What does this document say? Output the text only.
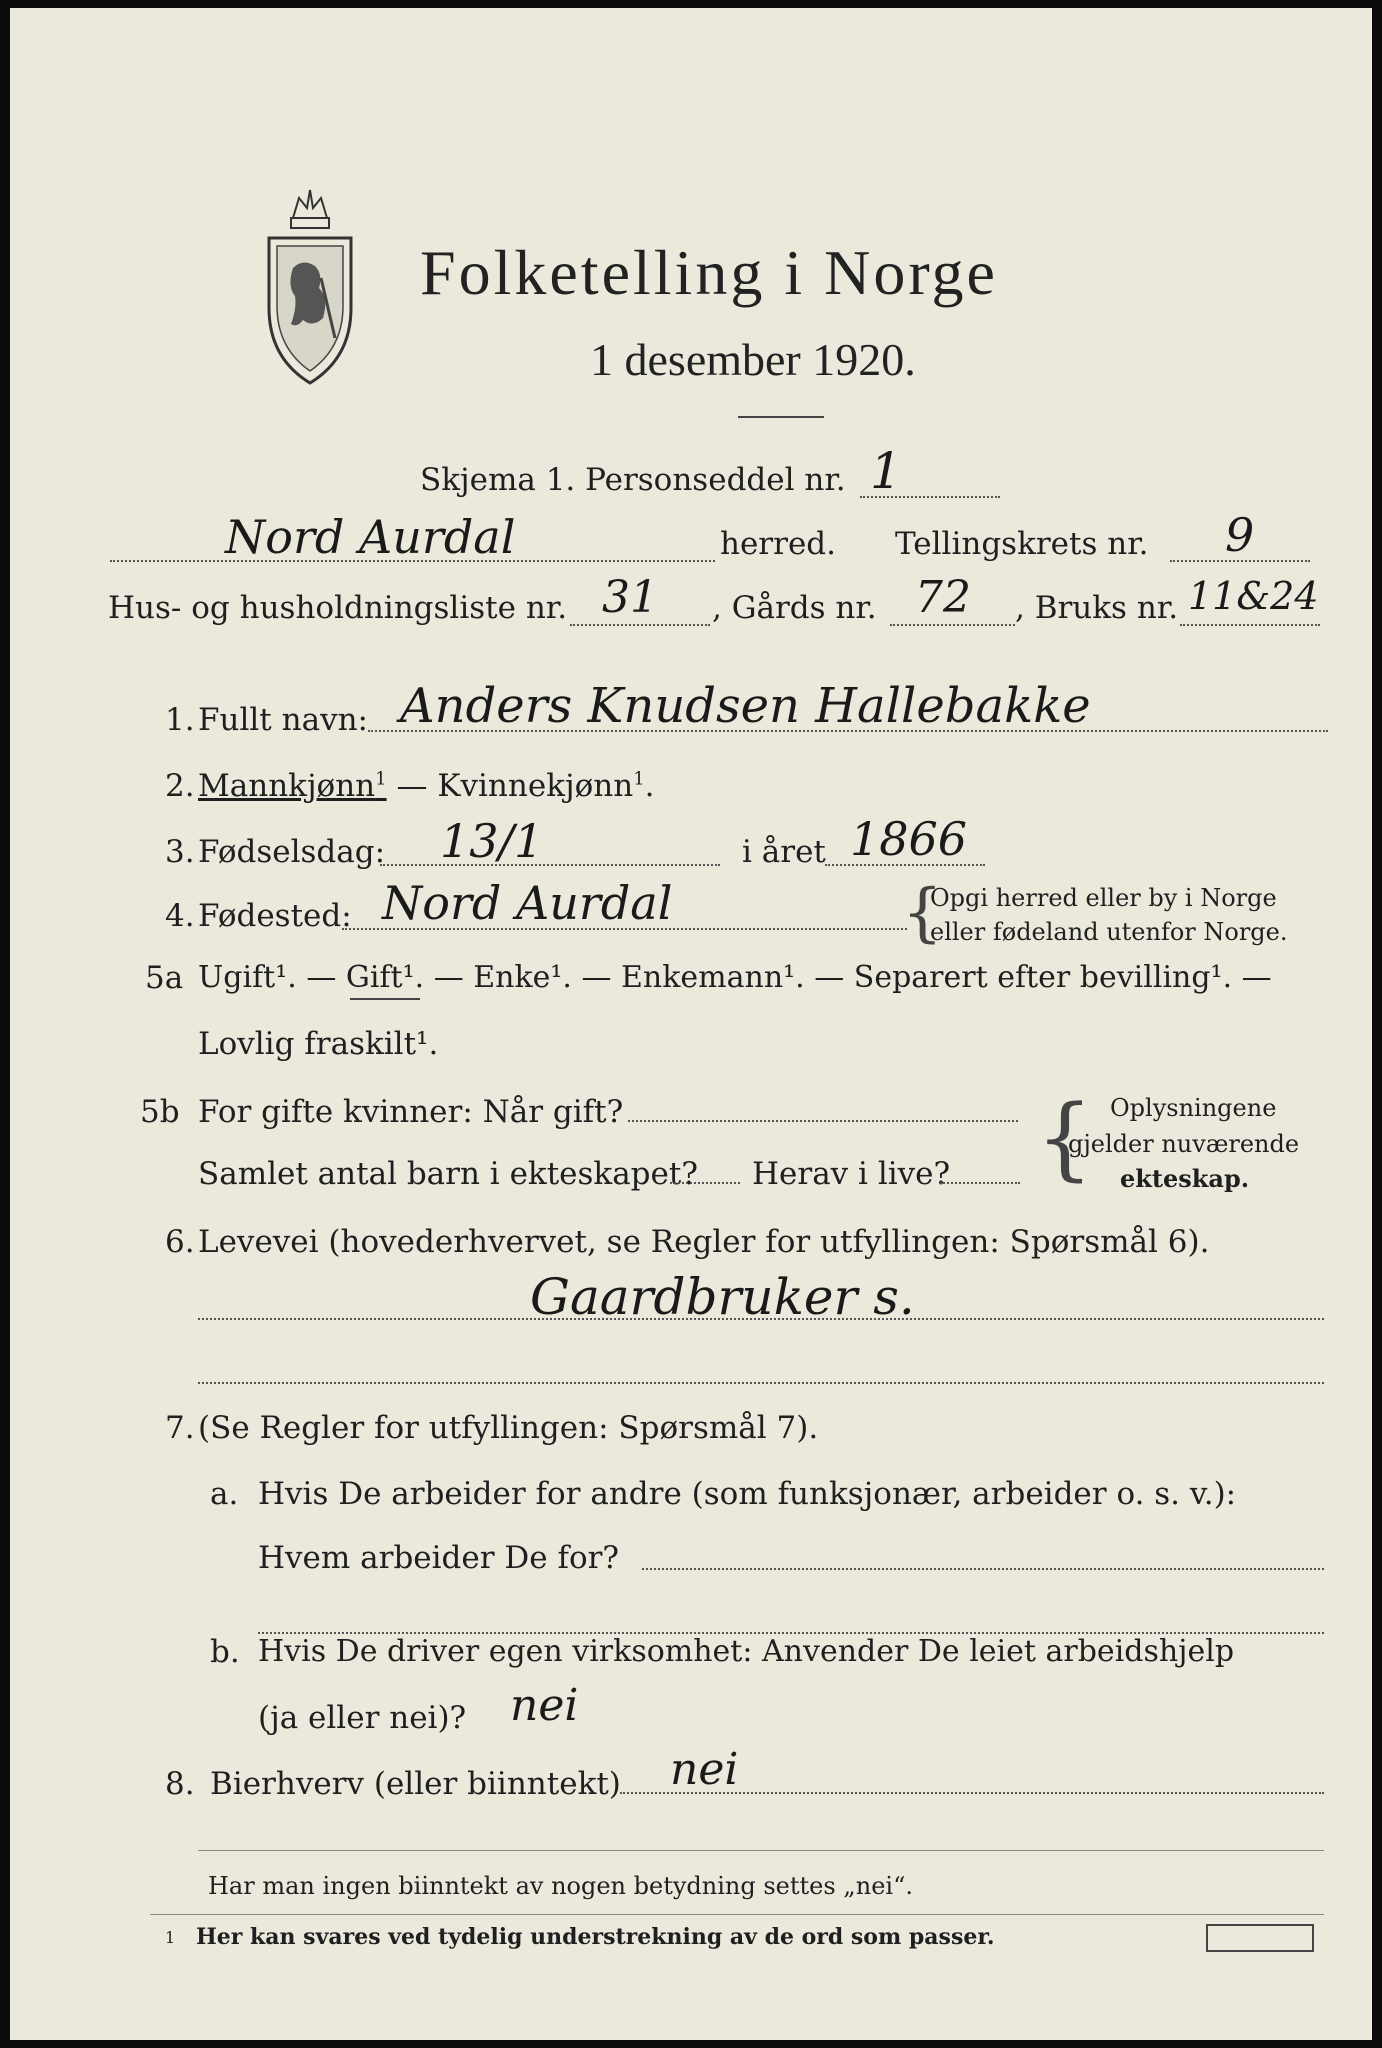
Folketelling i Norge
1 desember 1920.
Skjema 1. Personseddel nr. 1
Nord Aurdal	herred. Tellingskrets nr. 9
Hus- og husholdningsliste nr. 31 , Gårds nr. 72 , Bruks nr. 11&24
1. Fullt navn: Anders Knudsen Hallebakke
2. Mannkjønn$^1$ — Kvinnekjønn$^1$.
3. Fødselsdag: 13/1	i året 1866
4. Fødested: Nord Aurdal	{
Opgi herred eller by i Norge
eller fødeland utenfor Norge.
5a Ugift¹. — Gift¹. — Enke¹. — Enkemann¹. — Separert efter bevilling¹. —
Lovlig fraskilt¹.
5b For gifte kvinner: Når gift?
Samlet antal barn i ekteskapet? Herav i live? { Oplysningene
gjelder nuværende
ekteskap.
6. Levevei (hovederhvervet, se Regler for utfyllingen: Spørsmål 6).
Gaardbruker s.
7. (Se Regler for utfyllingen: Spørsmål 7).
a. Hvis De arbeider for andre (som funksjonær, arbeider o. s. v.):
Hvem arbeider De for?
b. Hvis De driver egen virksomhet: Anvender De leiet arbeidshjelp
(ja eller nei)? nei
8. Bierhverv (eller biinntekt) nei
Har man ingen biinntekt av nogen betydning settes „nei“.
1 Her kan svares ved tydelig understrekning av de ord som passer.
